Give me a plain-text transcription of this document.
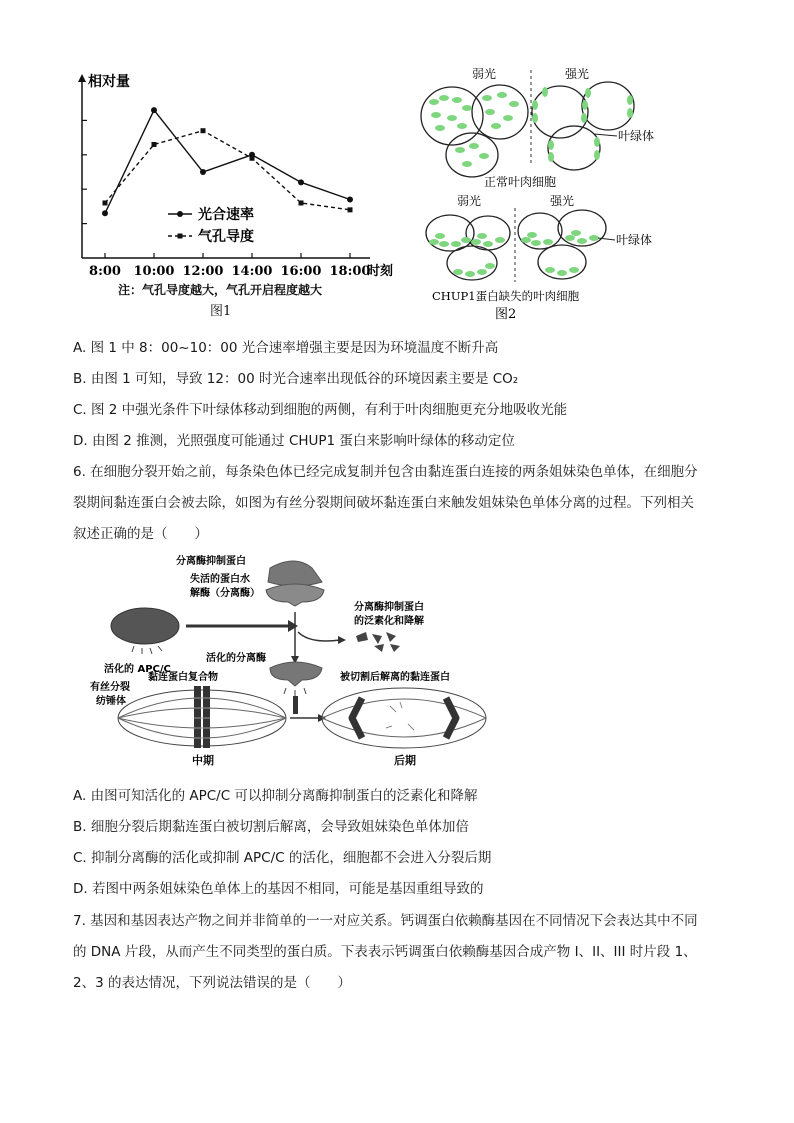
相对量
8:00 10:00 12:00 14:00 16:00 18:00
时刻
光合速率
气孔导度
注：气孔导度越大，气孔开启程度越大
图1
弱光	强光
叶绿体
正常叶肉细胞
弱光	强光
叶绿体
CHUP1蛋白缺失的叶肉细胞
图2
A. 图 1 中 8：00~10：00 光合速率增强主要是因为环境温度不断升高
B. 由图 1 可知，导致 12：00 时光合速率出现低谷的环境因素主要是 CO₂
C. 图 2 中强光条件下叶绿体移动到细胞的两侧，有利于叶肉细胞更充分地吸收光能
D. 由图 2 推测，光照强度可能通过 CHUP1 蛋白来影响叶绿体的移动定位
6. 在细胞分裂开始之前，每条染色体已经完成复制并包含由黏连蛋白连接的两条姐妹染色单体，在细胞分
裂期间黏连蛋白会被去除，如图为有丝分裂期间破坏黏连蛋白来触发姐妹染色单体分离的过程。下列相关
叙述正确的是（　　）
分离酶抑制蛋白
失活的蛋白水
解酶（分离酶）
活化的 APC/C
分离酶抑制蛋白
的泛素化和降解
活化的分离酶
黏连蛋白复合物
有丝分裂
纺锤体
中期
被切割后解离的黏连蛋白
后期
A. 由图可知活化的 APC/C 可以抑制分离酶抑制蛋白的泛素化和降解
B. 细胞分裂后期黏连蛋白被切割后解离，会导致姐妹染色单体加倍
C. 抑制分离酶的活化或抑制 APC/C 的活化，细胞都不会进入分裂后期
D. 若图中两条姐妹染色单体上的基因不相同，可能是基因重组导致的
7. 基因和基因表达产物之间并非简单的一一对应关系。钙调蛋白依赖酶基因在不同情况下会表达其中不同
的 DNA 片段，从而产生不同类型的蛋白质。下表表示钙调蛋白依赖酶基因合成产物 I、II、III 时片段 1、
2、3 的表达情况，下列说法错误的是（　　）
